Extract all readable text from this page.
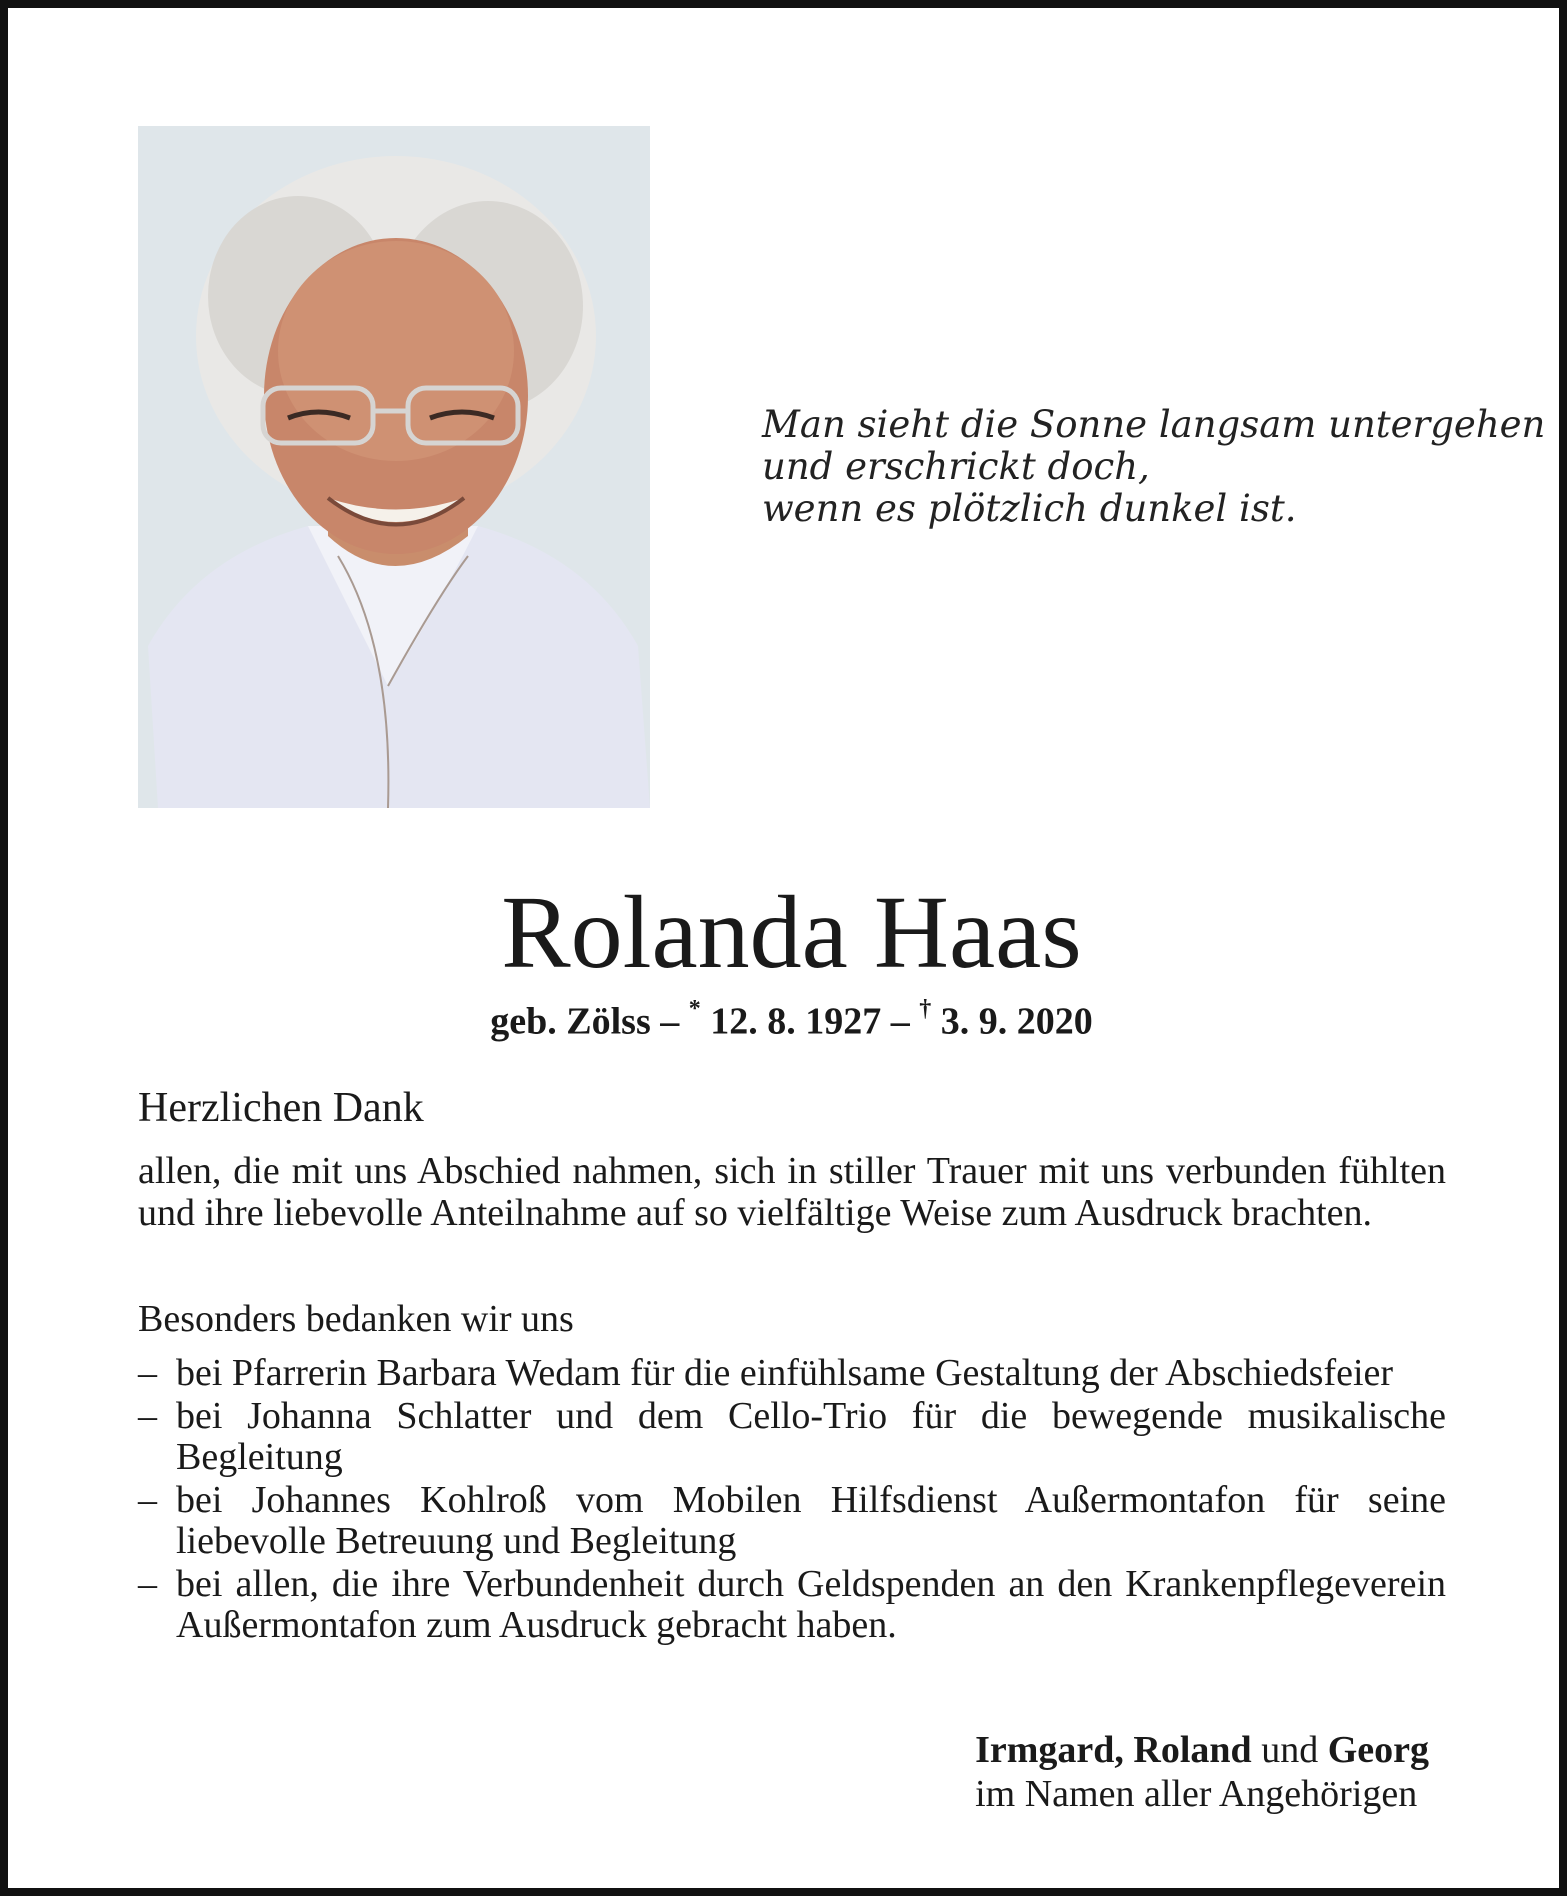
Man sieht die Sonne langsam untergehen
und erschrickt doch,
wenn es plötzlich dunkel ist.
Rolanda Haas
geb. Zölss – * 12. 8. 1927 – † 3. 9. 2020
Herzlichen Dank
allen, die mit uns Abschied nahmen, sich in stiller Trauer mit uns verbunden fühlten und ihre liebevolle Anteilnahme auf so vielfältige Weise zum Ausdruck brachten.
Besonders bedanken wir uns
– bei Pfarrerin Barbara Wedam für die einfühlsame Gestaltung der Abschiedsfeier
– bei Johanna Schlatter und dem Cello-Trio für die bewegende musikalische Begleitung
– bei Johannes Kohlroß vom Mobilen Hilfsdienst Außermontafon für seine liebevolle Betreuung und Begleitung
– bei allen, die ihre Verbundenheit durch Geldspenden an den Krankenpflegeverein Außermontafon zum Ausdruck gebracht haben.
Irmgard, Roland und Georg
im Namen aller Angehörigen
